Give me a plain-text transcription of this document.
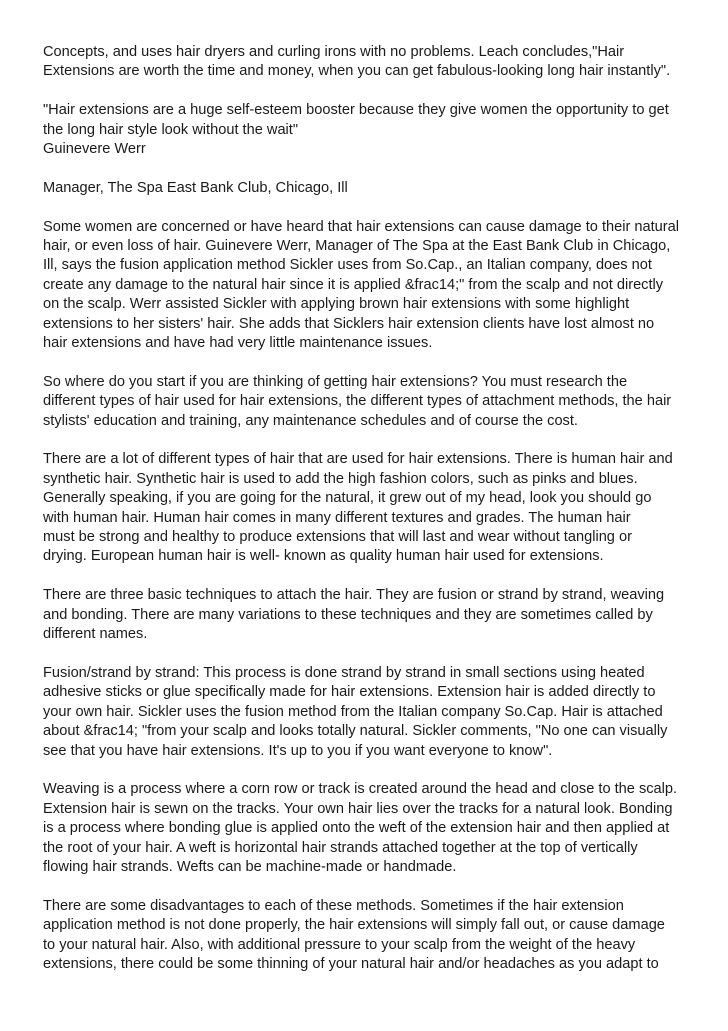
Concepts, and uses hair dryers and curling irons with no problems. Leach concludes,"Hair
Extensions are worth the time and money, when you can get fabulous-looking long hair instantly".

"Hair extensions are a huge self-esteem booster because they give women the opportunity to get
the long hair style look without the wait"
Guinevere Werr

Manager, The Spa East Bank Club, Chicago, Ill

Some women are concerned or have heard that hair extensions can cause damage to their natural
hair, or even loss of hair. Guinevere Werr, Manager of The Spa at the East Bank Club in Chicago,
Ill, says the fusion application method Sickler uses from So.Cap., an Italian company, does not
create any damage to the natural hair since it is applied &frac14;" from the scalp and not directly
on the scalp. Werr assisted Sickler with applying brown hair extensions with some highlight
extensions to her sisters' hair. She adds that Sicklers hair extension clients have lost almost no
hair extensions and have had very little maintenance issues.

So where do you start if you are thinking of getting hair extensions? You must research the
different types of hair used for hair extensions, the different types of attachment methods, the hair
stylists' education and training, any maintenance schedules and of course the cost.

There are a lot of different types of hair that are used for hair extensions. There is human hair and
synthetic hair. Synthetic hair is used to add the high fashion colors, such as pinks and blues.
Generally speaking, if you are going for the natural, it grew out of my head, look you should go
with human hair. Human hair comes in many different textures and grades. The human hair
must be strong and healthy to produce extensions that will last and wear without tangling or
drying. European human hair is well- known as quality human hair used for extensions.

There are three basic techniques to attach the hair. They are fusion or strand by strand, weaving
and bonding. There are many variations to these techniques and they are sometimes called by
different names.

Fusion/strand by strand: This process is done strand by strand in small sections using heated
adhesive sticks or glue specifically made for hair extensions. Extension hair is added directly to
your own hair. Sickler uses the fusion method from the Italian company So.Cap. Hair is attached
about &frac14; "from your scalp and looks totally natural. Sickler comments, "No one can visually
see that you have hair extensions. It's up to you if you want everyone to know".

Weaving is a process where a corn row or track is created around the head and close to the scalp.
Extension hair is sewn on the tracks. Your own hair lies over the tracks for a natural look. Bonding
is a process where bonding glue is applied onto the weft of the extension hair and then applied at
the root of your hair. A weft is horizontal hair strands attached together at the top of vertically
flowing hair strands. Wefts can be machine-made or handmade.

There are some disadvantages to each of these methods. Sometimes if the hair extension
application method is not done properly, the hair extensions will simply fall out, or cause damage
to your natural hair. Also, with additional pressure to your scalp from the weight of the heavy
extensions, there could be some thinning of your natural hair and/or headaches as you adapt to
